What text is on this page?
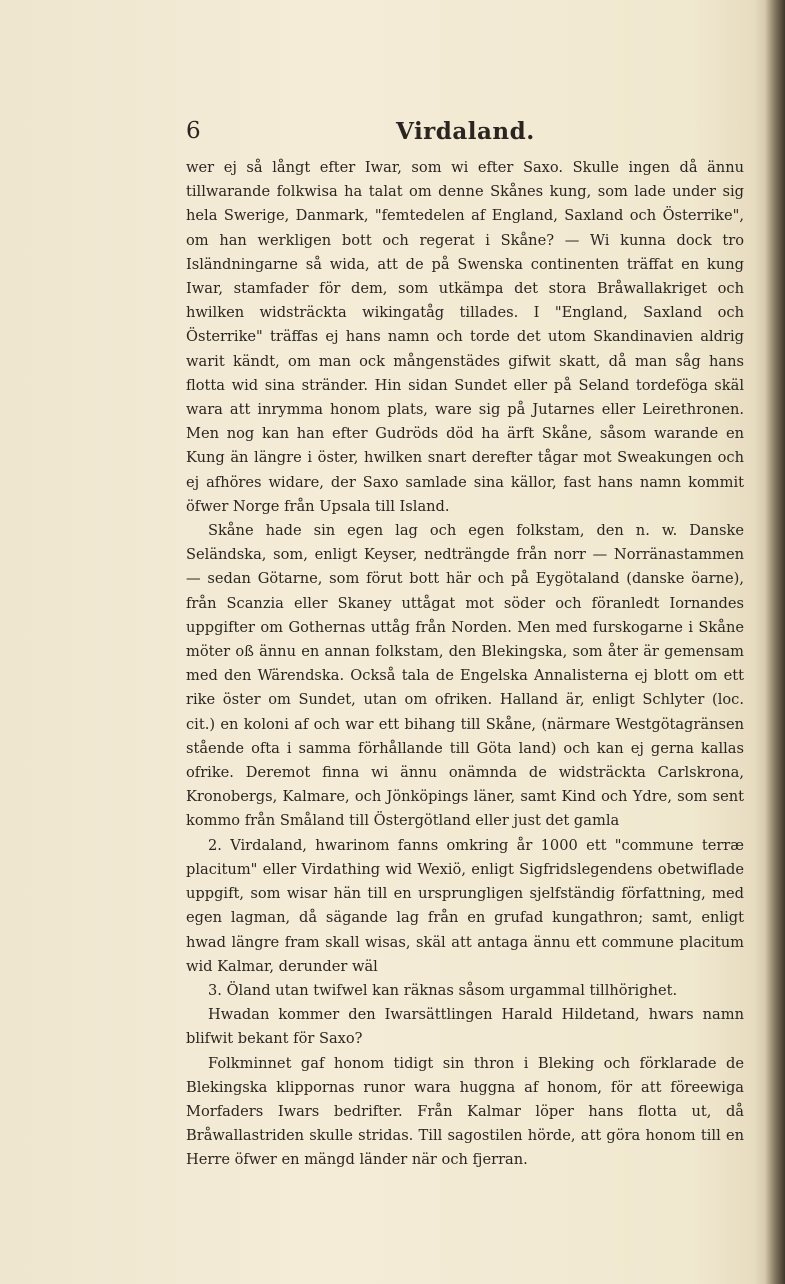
6	Virdaland.

wer ej så långt efter Iwar, som wi efter Saxo. Skulle ingen då ännu tillwarande folkwisa ha talat om denne Skånes kung, som lade under sig hela Swerige, Danmark, "femtedelen af England, Saxland och Österrike", om han werkligen bott och regerat i Skåne? — Wi kunna dock tro Isländningarne så wida, att de på Swenska continenten träffat en kung Iwar, stamfader för dem, som utkämpa det stora Bråwallakriget och hwilken widsträckta wikingatåg tillades. I "England, Saxland och Österrike" träffas ej hans namn och torde det utom Skandinavien aldrig warit kändt, om man ock mångenstädes gifwit skatt, då man såg hans flotta wid sina stränder. Hin sidan Sundet eller på Seland tordeföga skäl wara att inrymma honom plats, ware sig på Jutarnes eller Leirethronen. Men nog kan han efter Gudröds död ha ärft Skåne, såsom warande en Kung än längre i öster, hwilken snart derefter tågar mot Sweakungen och ej afhöres widare, der Saxo samlade sina källor, fast hans namn kommit öfwer Norge från Upsala till Island.

Skåne hade sin egen lag och egen folkstam, den n. w. Danske Seländska, som, enligt Keyser, nedträngde från norr — Norränastammen — sedan Götarne, som förut bott här och på Eygötaland (danske öarne), från Scanzia eller Skaney uttågat mot söder och föranledt Iornandes uppgifter om Gothernas uttåg från Norden. Men med furskogarne i Skåne möter oß ännu en annan folkstam, den Blekingska, som åter är gemensam med den Wärendska. Också tala de Engelska Annalisterna ej blott om ett rike öster om Sundet, utan om ofriken. Halland är, enligt Schlyter (loc. cit.) en koloni af och war ett bihang till Skåne, (närmare Westgötagränsen stående ofta i samma förhållande till Göta land) och kan ej gerna kallas ofrike. Deremot finna wi ännu onämnda de widsträckta Carlskrona, Kronobergs, Kalmare, och Jönköpings läner, samt Kind och Ydre, som sent kommo från Småland till Östergötland eller just det gamla

2. Virdaland, hwarinom fanns omkring år 1000 ett "commune terræ placitum" eller Virdathing wid Wexiö, enligt Sigfridslegendens obetwiflade uppgift, som wisar hän till en ursprungligen sjelfständig författning, med egen lagman, då sägande lag från en grufad kungathron; samt, enligt hwad längre fram skall wisas, skäl att antaga ännu ett commune placitum wid Kalmar, derunder wäl

3. Öland utan twifwel kan räknas såsom urgammal tillhörighet.

Hwadan kommer den Iwarsättlingen Harald Hildetand, hwars namn blifwit bekant för Saxo?

Folkminnet gaf honom tidigt sin thron i Bleking och förklarade de Blekingska klippornas runor wara huggna af honom, för att föreewiga Morfaders Iwars bedrifter. Från Kalmar löper hans flotta ut, då Bråwallastriden skulle stridas. Till sagostilen hörde, att göra honom till en Herre öfwer en mängd länder när och fjerran.
